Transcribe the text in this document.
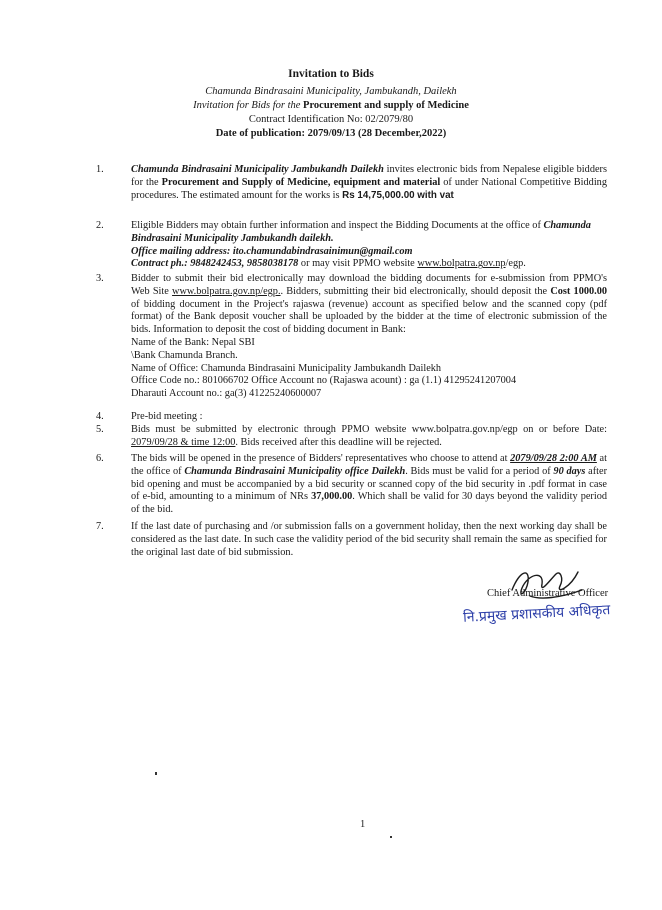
Invitation to Bids
Chamunda Bindrasaini Municipality, Jambukandh, Dailekh
Invitation for Bids for the Procurement and supply of Medicine
Contract Identification No: 02/2079/80
Date of publication: 2079/09/13 (28 December,2022)
1.	Chamunda Bindrasaini Municipality Jambukandh Dailekh invites electronic bids from Nepalese eligible bidders for the Procurement and Supply of Medicine, equipment and material of under National Competitive Bidding procedures. The estimated amount for the works is Rs 14,75,000.00 with vat
2.	Eligible Bidders may obtain further information and inspect the Bidding Documents at the office of Chamunda Bindrasaini Municipality Jambukandh dailekh.
Office mailing address: ito.chamundabindrasainimun@gmail.com
Contract ph.: 9848242453, 9858038178 or may visit PPMO website www.bolpatra.gov.np/egp.
3.	Bidder to submit their bid electronically may download the bidding documents for e-submission from PPMO's Web Site www.bolpatra.gov.np/egp.. Bidders, submitting their bid electronically, should deposit the Cost 1000.00 of bidding document in the Project's rajaswa (revenue) account as specified below and the scanned copy (pdf format) of the Bank deposit voucher shall be uploaded by the bidder at the time of electronic submission of the bids. Information to deposit the cost of bidding document in Bank:
Name of the Bank: Nepal SBI
\Bank Chamunda Branch.
Name of Office: Chamunda Bindrasaini Municipality Jambukandh Dailekh
Office Code no.: 801066702 Office Account no (Rajaswa acount) : ga (1.1) 41295241207004
Dharauti Account no.: ga(3) 41225240600007
4.	Pre-bid meeting :
5.	Bids must be submitted by electronic through PPMO website www.bolpatra.gov.np/egp on or before Date: 2079/09/28 & time 12:00. Bids received after this deadline will be rejected.
6.	The bids will be opened in the presence of Bidders' representatives who choose to attend at 2079/09/28 2:00 AM at the office of Chamunda Bindrasaini Municipality office Dailekh. Bids must be valid for a period of 90 days after bid opening and must be accompanied by a bid security or scanned copy of the bid security in .pdf format in case of e-bid, amounting to a minimum of NRs 37,000.00. Which shall be valid for 30 days beyond the validity period of the bid.
7.	If the last date of purchasing and /or submission falls on a government holiday, then the next working day shall be considered as the last date. In such case the validity period of the bid security shall remain the same as specified for the original last date of bid submission.
Chief Administrative Officer
नि.प्रमुख प्रशासकीय अधिकृत
1
